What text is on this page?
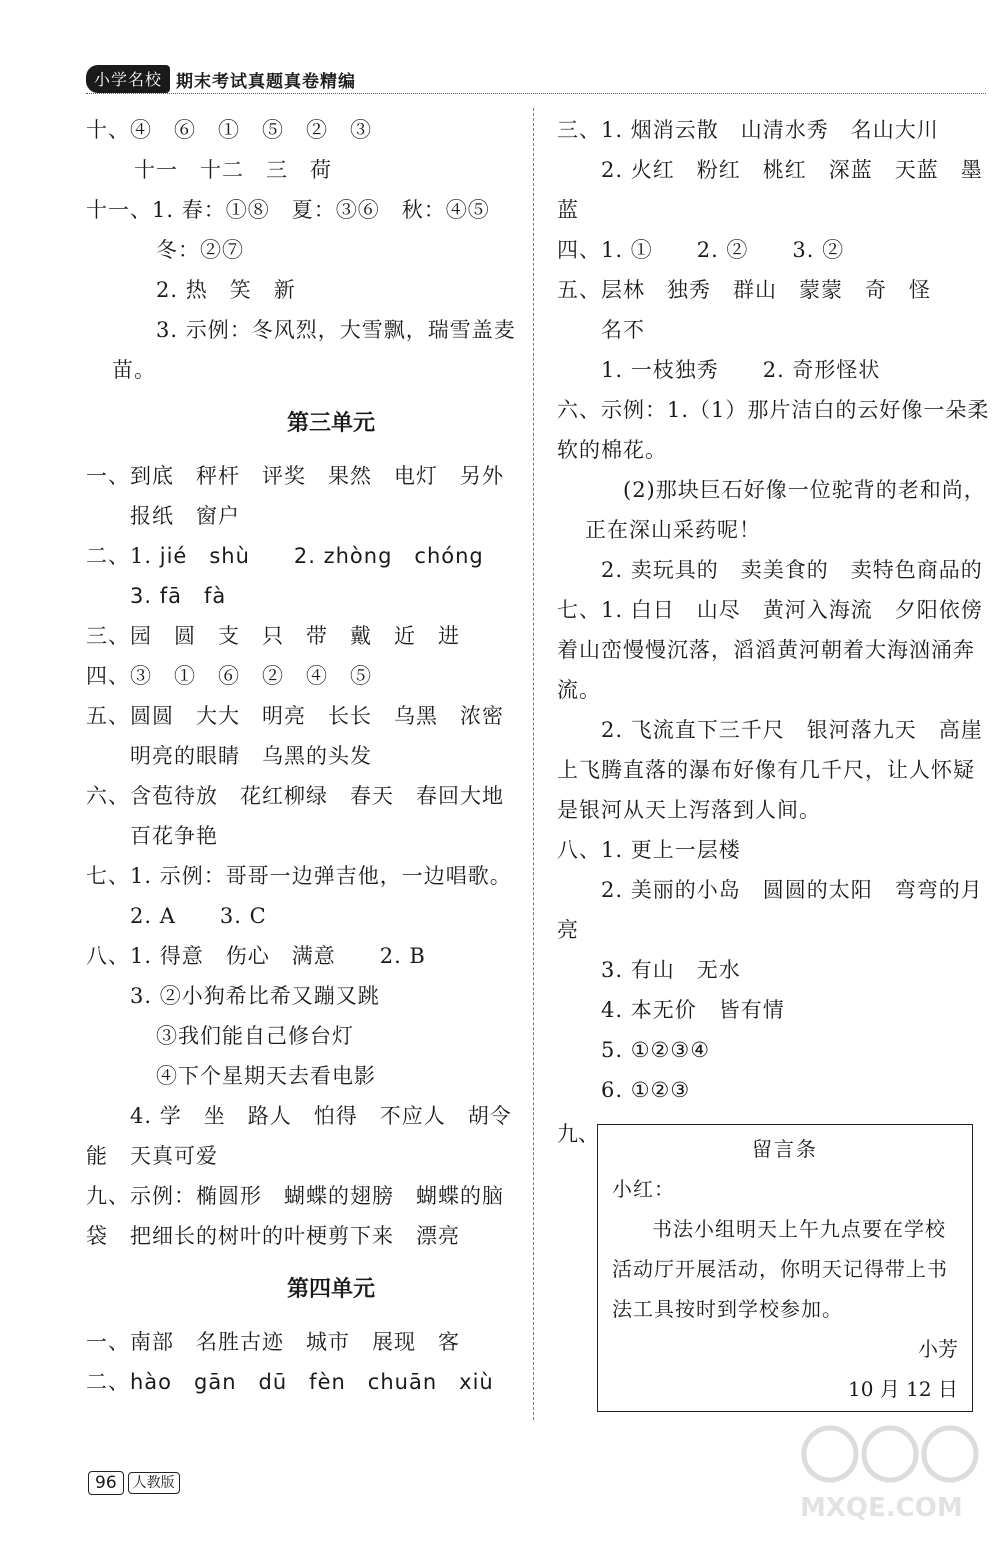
小学名校 期末考试真题真卷精编
十、④　⑥　①　⑤　②　③
十一　十二　三　荷
十一、1. 春：①⑧　夏：③⑥　秋：④⑤
冬：②⑦
2. 热　笑　新
3. 示例：冬风烈，大雪飘，瑞雪盖麦
苗。
第三单元
一、到底　秤杆　评奖　果然　电灯　另外
报纸　窗户
二、1. jié　shù　　2. zhòng　chóng
3. fā　fà
三、园　圆　支　只　带　戴　近　进
四、③　①　⑥　②　④　⑤
五、圆圆　大大　明亮　长长　乌黑　浓密
明亮的眼睛　乌黑的头发
六、含苞待放　花红柳绿　春天　春回大地
百花争艳
七、1. 示例：哥哥一边弹吉他，一边唱歌。
2. A　　3. C
八、1. 得意　伤心　满意　　2. B
3. ②小狗希比希又蹦又跳
③我们能自己修台灯
④下个星期天去看电影
4. 学　坐　路人　怕得　不应人　胡令
能　天真可爱
九、示例：椭圆形　蝴蝶的翅膀　蝴蝶的脑
袋　把细长的树叶的叶梗剪下来　漂亮
第四单元
一、南部　名胜古迹　城市　展现　客
二、hào　gān　dū　fèn　chuān　xiù
三、1. 烟消云散　山清水秀　名山大川
2. 火红　粉红　桃红　深蓝　天蓝　墨
蓝
四、1. ①　　2. ②　　3. ②
五、层林　独秀　群山　蒙蒙　奇　怪
名不
1. 一枝独秀　　2. 奇形怪状
六、示例：1.（1）那片洁白的云好像一朵柔
软的棉花。
(2)那块巨石好像一位驼背的老和尚，
正在深山采药呢！
2. 卖玩具的　卖美食的　卖特色商品的
七、1. 白日　山尽　黄河入海流　夕阳依傍
着山峦慢慢沉落，滔滔黄河朝着大海汹涌奔
流。
2. 飞流直下三千尺　银河落九天　高崖
上飞腾直落的瀑布好像有几千尺，让人怀疑
是银河从天上泻落到人间。
八、1. 更上一层楼
2. 美丽的小岛　圆圆的太阳　弯弯的月
亮
3. 有山　无水
4. 本无价　皆有情
5. ①②③④
6. ①②③
九、
留言条
小红：
书法小组明天上午九点要在学校
活动厅开展活动，你明天记得带上书
法工具按时到学校参加。
小芳
10 月 12 日
96	人教版
MXQE.COM
